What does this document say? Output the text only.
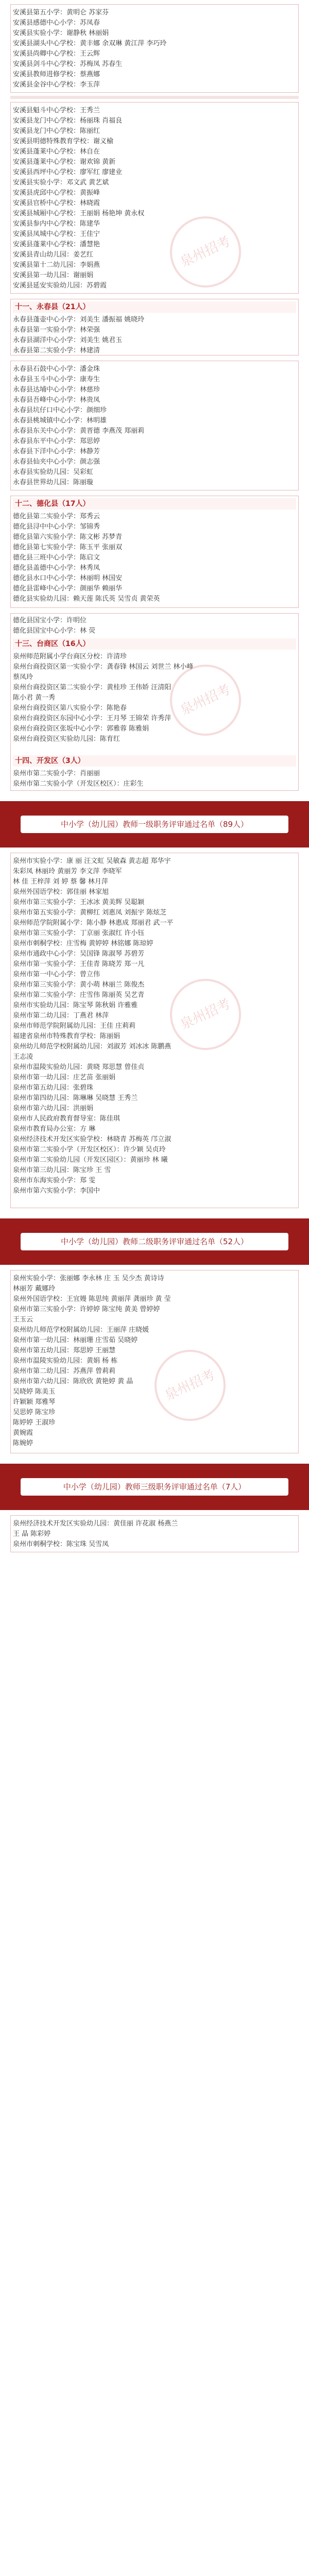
安溪县第五小学：黄明仑 苏家芬
安溪县感德中心小学：苏凤春
安溪县实验小学：谢静秋 林丽娟
安溪县湖头中心学校：黄丰娜 余双琳 黄江萍 李巧玲
安溪县尚卿中心学校：王云辉
安溪县剑斗中心学校：苏梅凤 苏春生
安溪县教师进修学校：蔡燕娜
安溪县金谷中心学校：李玉萍
安溪县魁斗中心学校：王秀兰
安溪县龙门中心学校：杨丽珠 肖福良
安溪县龙门中心学校：陈丽红
安溪县明德特殊教育学校：谢义榆
安溪县蓬莱中心学校：林自在
安溪县蓬莱中心学校：谢欢锦 黄新
安溪县西坪中心学校：廖军红 廖建业
安溪县实验小学：邓文武 黄艺斌
安溪县虎邱中心学校：黄振峰
安溪县官桥中心学校：林晓霞
安溪县城厢中心学校：王丽娟 杨艳坤 黄永权
安溪县参内中心学校：陈建华
安溪县凤城中心学校：王佳宁
安溪县蓬莱中心学校：潘慧艳
安溪县青山幼儿园：姜艺红
安溪县第十二幼儿园：李娟燕
安溪县第一幼儿园：谢丽娟
安溪县延安实验幼儿园：苏碧霞
十一、永春县（21人）
永春县蓬壶中心小学：刘美生 潘振福 姚晓玲
永春县第一实验小学：林荣强
永春县湖洋中心小学：刘美生 姚君玉
永春县第二实验小学：林建清
永春县石鼓中心小学：潘金珠
永春县玉斗中心小学：康寿生
永春县达埔中心小学：林慈珍
永春县吾峰中心小学：林贵凤
永春县坑仔口中心小学：颜细珍
永春县桃城镇中心小学：林明雄
永春县东关中心小学：黄晋德 李燕茂 郑丽莉
永春县东平中心小学：郑思婷
永春县下洋中心小学：林静芳
永春县仙夹中心小学：颜志强
永春县实验幼儿园：吴彩虹
永春县世界幼儿园：陈丽璇
十二、德化县（17人）
德化县第二实验小学：郑秀云
德化县浔中中心小学：邹锦秀
德化县第六实验小学：陈文彬 苏梦青
德化县第七实验小学：陈玉平 张丽双
德化县三班中心小学：陈启文
德化县盖德中心小学：林秀凤
德化县水口中心小学：林丽明 林国安
德化县雷峰中心小学：颜丽华 赖丽华
德化县实验幼儿园：赖天莲 陈氏英 吴雪贞 黄荣英
十三、台商区（16人）
十四、开发区（3人）
德化县国宝小学：许明位
德化县国宝中心小学：林 荧
泉州师范附属小学台商区分校：许清珍
泉州台商投资区第一实验小学：龚春锋 林国云 刘世兰 林小峰
蔡凤玲
泉州台商投资区第二实验小学：黄桂珍 王伟娇 汪清阳
陈小君 黄一秀
泉州台商投资区第八实验小学：陈艳春
泉州台商投资区东园中心小学：王月琴 王锦荣 许秀萍
泉州台商投资区张坂中心小学：郭雅蓉 陈雅娟
泉州台商投资区实验幼儿园：陈育红
泉州市第二实验小学：肖丽丽
泉州市第二实验小学（开发区校区）：庄彩生
中小学（幼儿园）教师一级职务评审通过名单（89人）
泉州市实验小学：康 丽 汪文虹 吴敏森 黄志超 郑华宇
朱彩凤 林丽玲 黄丽芳 李文萍 李晓军
林 佳 王梓萍 刘 婷 蔡 馨 林月萍
泉州外国语学校：郭佳丽 林家旭
泉州市第三实验小学：王冰冰 黄美辉 吴聪颖
泉州市第五实验小学：黄柳红 刘惠凤 刘振宇 陈炫芝
泉州师范学院附属小学：陈小静 林惠成 郑丽君 武一平
泉州市第三实验小学：丁京丽 张淑红 许小钰
泉州市刺桐学校：庄雪梅 黄婷婷 林铭娜 陈琼婷
泉州市通政中心小学：吴国锋 陈淑琴 苏碧芳
泉州市第一实验小学：王佳青 陈晓芳 郑一凡
泉州市第一中心小学：曾立伟
泉州市第三实验小学：黄小萌 林丽兰 陈俊杰
泉州市第二实验小学：庄雪伟 陈丽英 吴艺青
泉州市实验幼儿园：陈宝琴 陈秋娟 许雅雅
泉州市第二幼儿园：丁燕君 林萍
泉州市师范学院附属幼儿园：王佳 庄莉莉
福建省泉州市特殊教育学校：陈丽娟
泉州幼儿师范学校附属幼儿园：刘淑芳 刘冰冰 陈鹏燕
王志凌
泉州市温陵实验幼儿园：黄晓 郑思慧 曾佳贞
泉州市第一幼儿园：庄艺苗 张丽娟
泉州市第五幼儿园：张碧珠
泉州市第四幼儿园：陈琳琳 吴晓慧 王秀兰
泉州市第六幼儿园：洪丽娟
泉州市人民政府教育督导室：陈佳琪
泉州市教育局办公室：方 琳
泉州经济技术开发区实验学校：林晓青 苏梅英 邝立淑
泉州市第二实验小学（开发区校区）：许少颖 吴贞玲
泉州市第二实验幼儿园（开发区园区）：黄丽珍 林 曦
泉州市第三幼儿园：陈宝珍 王 雪
泉州市东海实验小学：郑 雯
泉州市第六实验小学：李国中
中小学（幼儿园）教师二级职务评审通过名单（52人）
泉州实验小学：张丽娜 李永林 庄 玉 吴少杰 黄诗诗
林丽芳 戴娜玲
泉州外国语学校：王宜嫚 陈思纯 黄丽萍 龚丽珍 黄 莹
泉州市第三实验小学：许婷婷 陈宝纯 黄美 曾婷婷
王玉云
泉州幼儿师范学校附属幼儿园：王丽萍 庄晓媛
泉州市第一幼儿园：林丽珊 庄雪茹 吴晓婷
泉州市第五幼儿园：郑思婷 王丽慧
泉州市温陵实验幼儿园：黄娟 杨 栋
泉州市第二幼儿园：苏燕萍 曾莉莉
泉州市第六幼儿园：陈欣欣 黄艳婷 黄 晶
吴晓婷 陈美玉
许颖颖 郑雅琴
吴思婷 陈宝珍
陈婷婷 王淑珍
黄婉霞
陈婉婷
中小学（幼儿园）教师三级职务评审通过名单（7人）
泉州经济技术开发区实验幼儿园：黄佳丽 许花淑 杨燕兰
王 晶 陈彩婷
泉州市刺桐学校：陈宝珠 吴雪凤
泉州招考
泉州招考
泉州招考
泉州招考
